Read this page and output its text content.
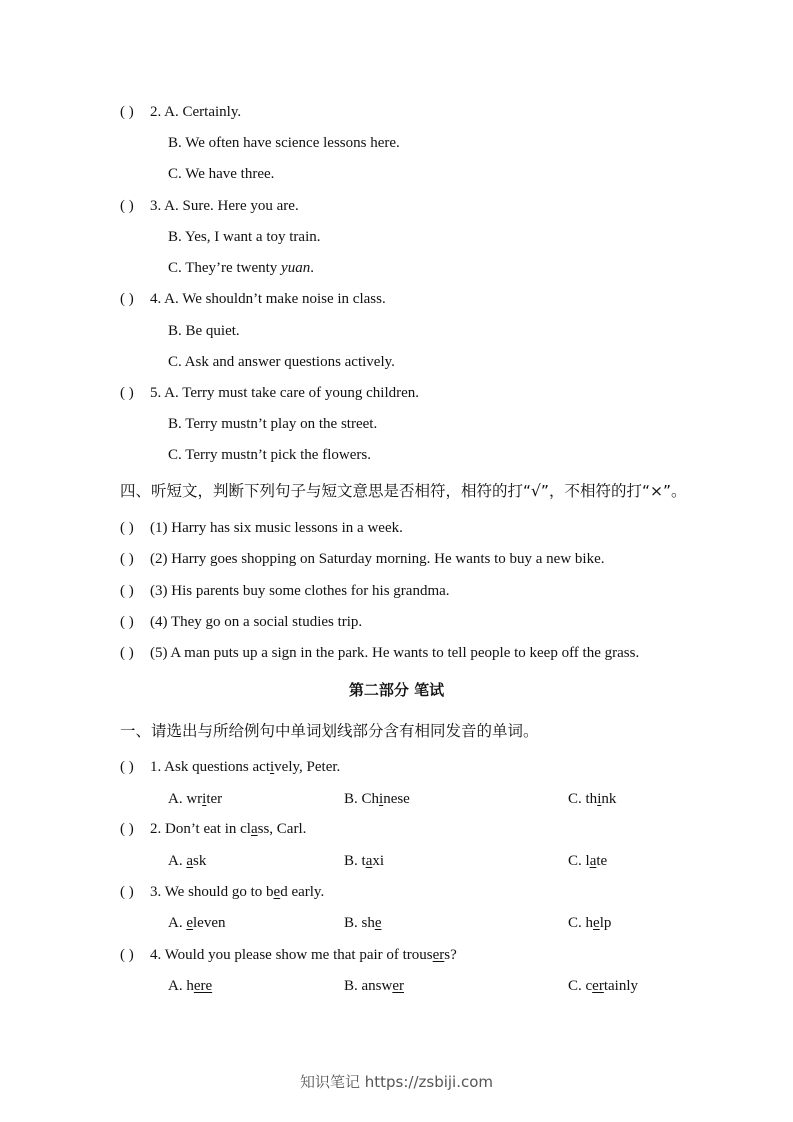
( ) 2. A. Certainly.
B. We often have science lessons here.
C. We have three.
( ) 3. A. Sure. Here you are.
B. Yes, I want a toy train.
C. They’re twenty yuan.
( ) 4. A. We shouldn’t make noise in class.
B. Be quiet.
C. Ask and answer questions actively.
( ) 5. A. Terry must take care of young children.
B. Terry mustn’t play on the street.
C. Terry mustn’t pick the flowers.
四、听短文，判断下列句子与短文意思是否相符，相符的打“√”，不相符的打“×”。
( ) (1) Harry has six music lessons in a week.
( ) (2) Harry goes shopping on Saturday morning. He wants to buy a new bike.
( ) (3) His parents buy some clothes for his grandma.
( ) (4) They go on a social studies trip.
( ) (5) A man puts up a sign in the park. He wants to tell people to keep off the grass.
第二部分 笔试
一、请选出与所给例句中单词划线部分含有相同发音的单词。
( ) 1. Ask questions actively, Peter.
A. writer	B. Chinese	C. think
( ) 2. Don’t eat in class, Carl.
A. ask	B. taxi	C. late
( ) 3. We should go to bed early.
A. eleven	B. she	C. help
( ) 4. Would you please show me that pair of trousers?
A. here	B. answer	C. certainly
知识笔记 https://zsbiji.com
